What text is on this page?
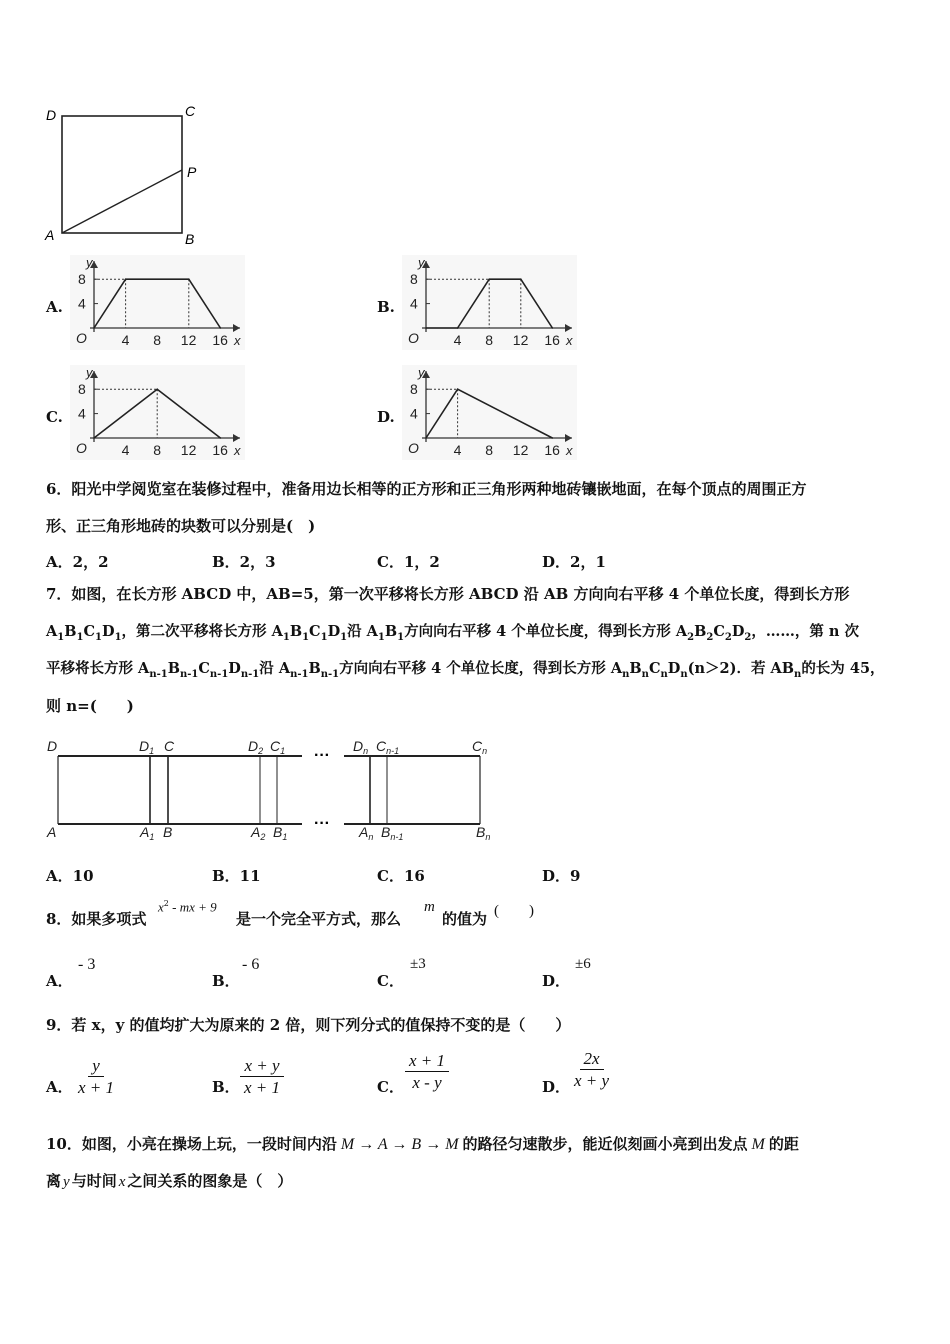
D	C
P
A	B
A.	B.
C.	D.
y
8
4
O 4 8 12 16 x
y
8
4
O 4 8 12 16 x
y
8
4
O 4 8 12 16 x
y
8
4
O 4 8 12 16 x
6．阳光中学阅览室在装修过程中，准备用边长相等的正方形和正三角形两种地砖镶嵌地面，在每个顶点的周围正方
形、正三角形地砖的块数可以分别是(　)
A．2，2	B．2，3	C．1，2	D．2，1
7．如图，在长方形 ABCD 中，AB=5，第一次平移将长方形 ABCD 沿 AB 方向向右平移 4 个单位长度，得到长方形
$A_1B_1C_1D_1$，第二次平移将长方形 $A_1B_1C_1D_1$沿 $A_1B_1$方向向右平移 4 个单位长度，得到长方形 $A_2B_2C_2D_2$，……，第 n 次
平移将长方形 $A_{n-1}B_{n-1}C_{n-1}D_{n-1}$沿 $A_{n-1}B_{n-1}$方向向右平移 4 个单位长度，得到长方形 $A_nB_nC_nD_n(n>2)$．若 $AB_n$的长为 45，
则 n=(　　)
···
···
D	$D_1$ C	$D_2$ $C_1$	$D_n$ $C_{n-1}$	$C_n$
A	$A_1$ B	$A_2$ $B_1$	$A_n$ $B_{n-1}$	$B_n$
A．10	B．11	C．16	D．9
8．如果多项式
$x^2$ - mx + 9
是一个完全平方式，那么
m
的值为 (　　)
A．
- 3
B．
- 6
C．
±3
D．
±6
9．若 x，y 的值均扩大为原来的 2 倍，则下列分式的值保持不变的是（　　）
A． $\frac{y}{x + 1}$	B． $\frac{x + y}{x + 1}$	C． $\frac{x + 1}{x - y}$	D． $\frac{2x}{x + y}$
10．如图，小亮在操场上玩，一段时间内沿 M → A → B → M 的路径匀速散步，能近似刻画小亮到出发点 M 的距
离 y 与时间 x 之间关系的图象是（　）
